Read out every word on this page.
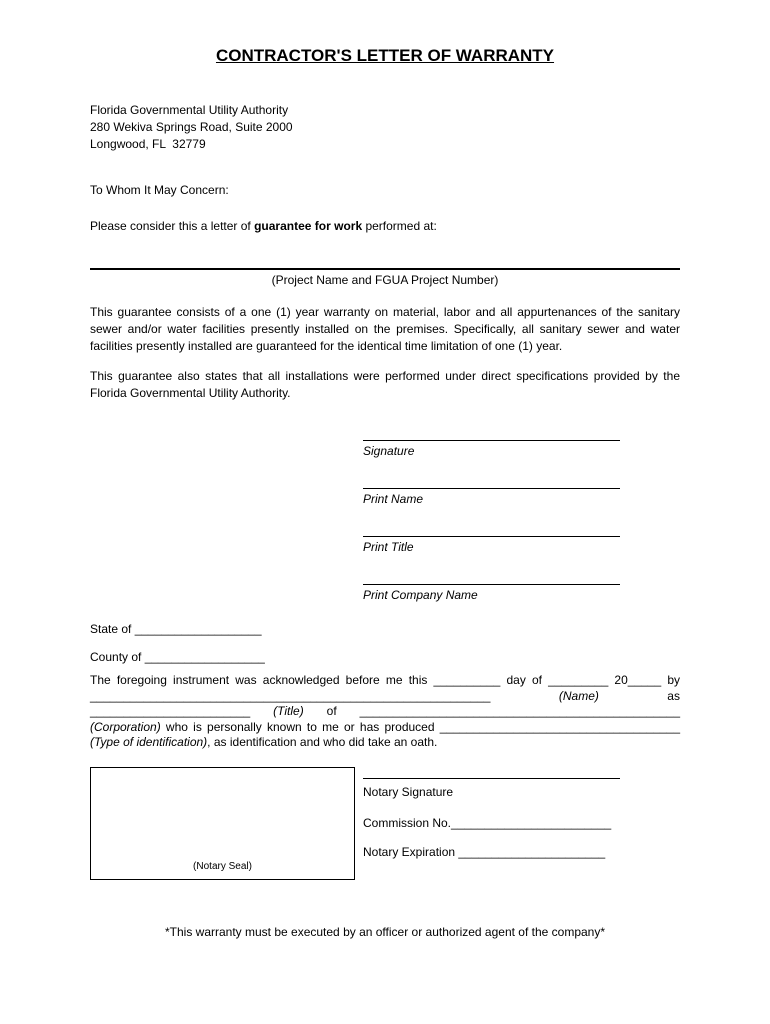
CONTRACTOR'S LETTER OF WARRANTY
Florida Governmental Utility Authority
280 Wekiva Springs Road, Suite 2000
Longwood, FL  32779

To Whom It May Concern:

Please consider this a letter of guarantee for work performed at:

(Project Name and FGUA Project Number)

This guarantee consists of a one (1) year warranty on material, labor and all appurtenances of the sanitary sewer and/or water facilities presently installed on the premises. Specifically, all sanitary sewer and water facilities presently installed are guaranteed for the identical time limitation of one (1) year.

This guarantee also states that all installations were performed under direct specifications provided by the Florida Governmental Utility Authority.

Signature
Print Name
Print Title
Print Company Name
State of ___________________
County of __________________

The foregoing instrument was acknowledged before me this __________ day of _________ 20_____ by ____________________________________________________________ (Name) as ________________________ (Title) of ________________________________________________ (Corporation) who is personally known to me or has produced ____________________________________ (Type of identification), as identification and who did take an oath.

(Notary Seal)
Notary Signature
Commission No.________________________
Notary Expiration ______________________

*This warranty must be executed by an officer or authorized agent of the company*
